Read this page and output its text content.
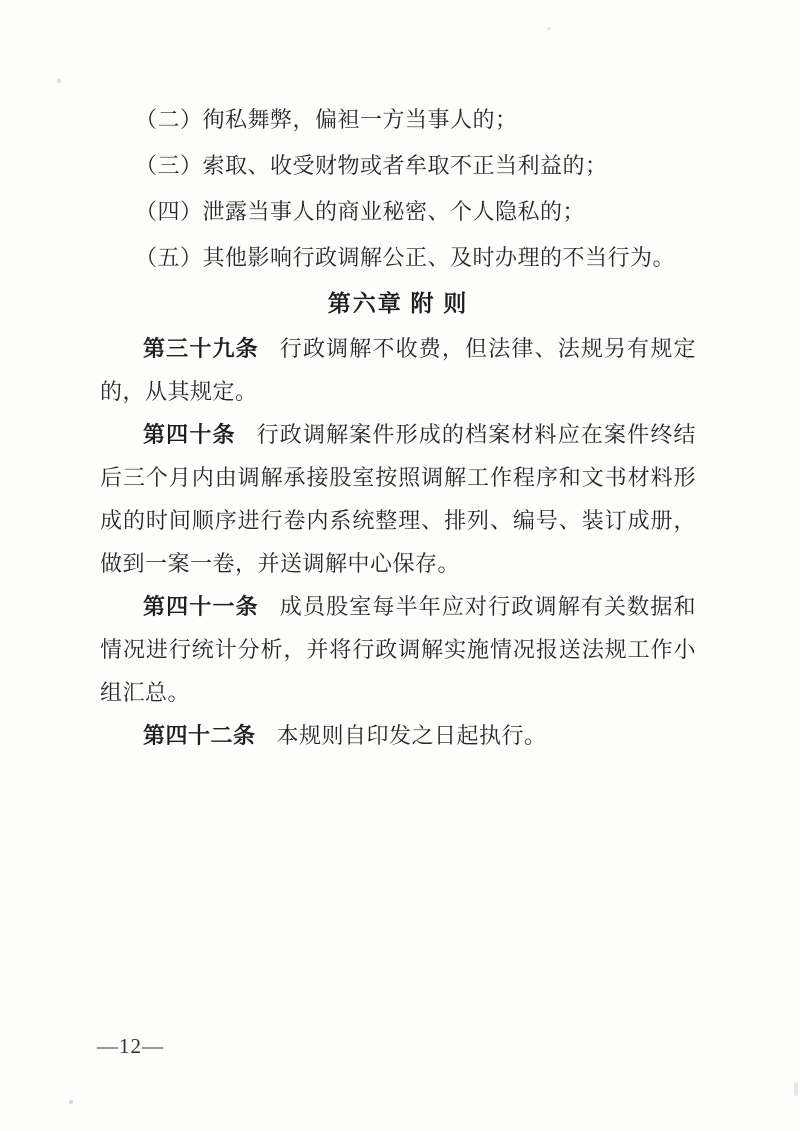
（二）徇私舞弊，偏袒一方当事人的；

（三）索取、收受财物或者牟取不正当利益的；

（四）泄露当事人的商业秘密、个人隐私的；

（五）其他影响行政调解公正、及时办理的不当行为。

第六章 附 则

第三十九条 行政调解不收费，但法律、法规另有规定的，从其规定。

第四十条 行政调解案件形成的档案材料应在案件终结后三个月内由调解承接股室按照调解工作程序和文书材料形成的时间顺序进行卷内系统整理、排列、编号、装订成册，做到一案一卷，并送调解中心保存。

第四十一条 成员股室每半年应对行政调解有关数据和情况进行统计分析，并将行政调解实施情况报送法规工作小组汇总。

第四十二条 本规则自印发之日起执行。

—12—
